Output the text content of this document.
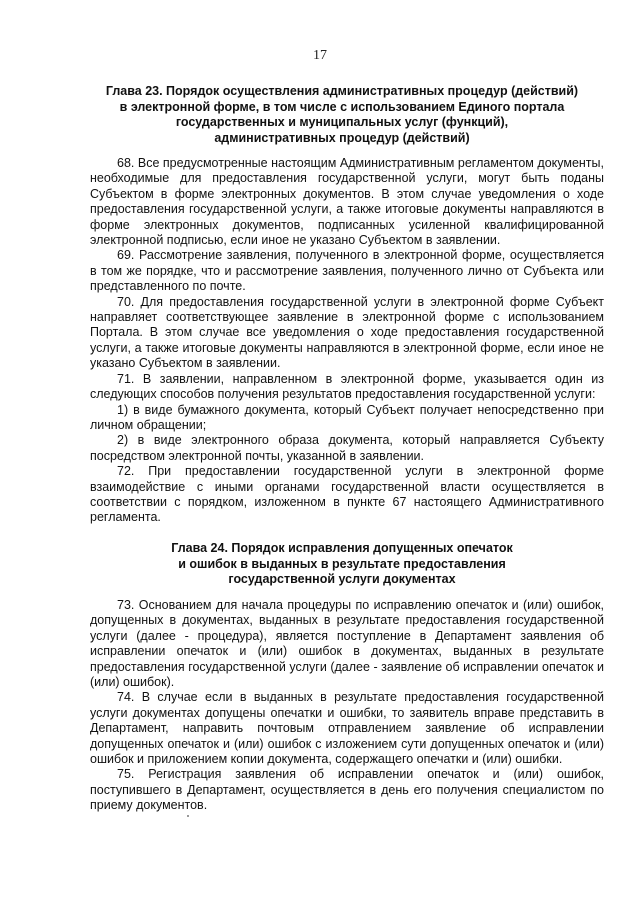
17
Глава 23. Порядок осуществления административных процедур (действий)
в электронной форме, в том числе с использованием Единого портала
государственных и муниципальных услуг (функций),
административных процедур (действий)

68. Все предусмотренные настоящим Административным регламентом документы, необходимые для предоставления государственной услуги, могут быть поданы Субъектом в форме электронных документов. В этом случае уведомления о ходе предоставления государственной услуги, а также итоговые документы направляются в форме электронных документов, подписанных усиленной квалифицированной электронной подписью, если иное не указано Субъектом в заявлении.

69. Рассмотрение заявления, полученного в электронной форме, осуществляется в том же порядке, что и рассмотрение заявления, полученного лично от Субъекта или представленного по почте.

70. Для предоставления государственной услуги в электронной форме Субъект направляет соответствующее заявление в электронной форме с использованием Портала. В этом случае все уведомления о ходе предоставления государственной услуги, а также итоговые документы направляются в электронной форме, если иное не указано Субъектом в заявлении.

71. В заявлении, направленном в электронной форме, указывается один из следующих способов получения результатов предоставления государственной услуги:

1) в виде бумажного документа, который Субъект получает непосредственно при личном обращении;

2) в виде электронного образа документа, который направляется Субъекту посредством электронной почты, указанной в заявлении.

72. При предоставлении государственной услуги в электронной форме взаимодействие с иными органами государственной власти осуществляется в соответствии с порядком, изложенном в пункте 67 настоящего Административного регламента.

Глава 24. Порядок исправления допущенных опечаток
и ошибок в выданных в результате предоставления
государственной услуги документах

73. Основанием для начала процедуры по исправлению опечаток и (или) ошибок, допущенных в документах, выданных в результате предоставления государственной услуги (далее - процедура), является поступление в Департамент заявления об исправлении опечаток и (или) ошибок в документах, выданных в результате предоставления государственной услуги (далее - заявление об исправлении опечаток и (или) ошибок).

74. В случае если в выданных в результате предоставления государственной услуги документах допущены опечатки и ошибки, то заявитель вправе представить в Департамент, направить почтовым отправлением заявление об исправлении допущенных опечаток и (или) ошибок с изложением сути допущенных опечаток и (или) ошибок и приложением копии документа, содержащего опечатки и (или) ошибки.

75. Регистрация заявления об исправлении опечаток и (или) ошибок, поступившего в Департамент, осуществляется в день его получения специалистом по приему документов.
